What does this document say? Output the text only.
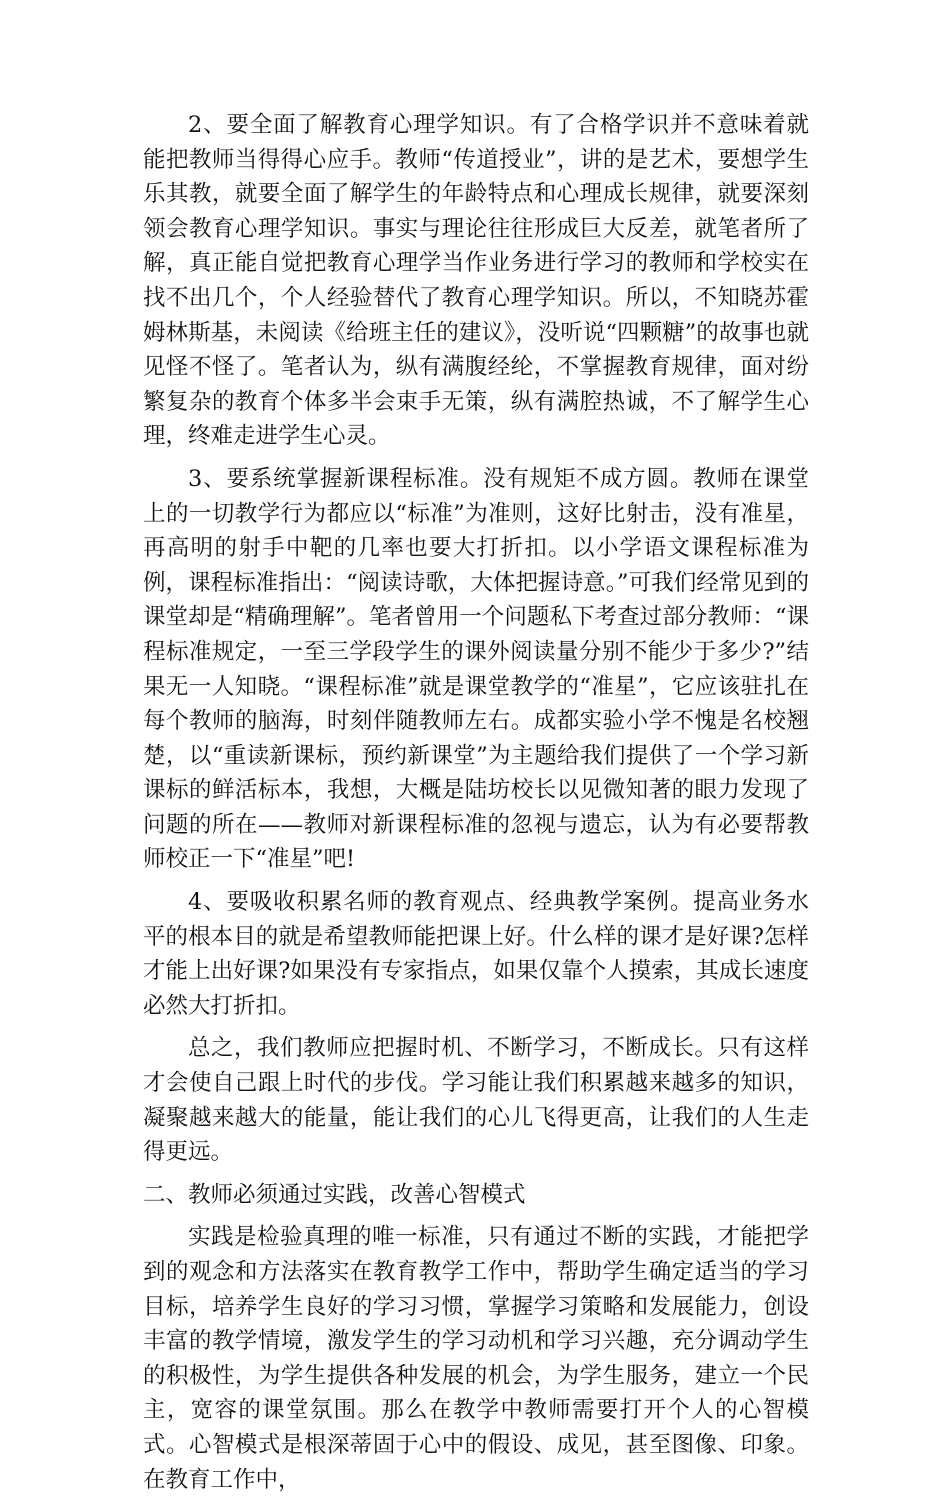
2、要全面了解教育心理学知识。有了合格学识并不意味着就能把教师当得得心应手。教师“传道授业”，讲的是艺术，要想学生乐其教，就要全面了解学生的年龄特点和心理成长规律，就要深刻领会教育心理学知识。事实与理论往往形成巨大反差，就笔者所了解，真正能自觉把教育心理学当作业务进行学习的教师和学校实在找不出几个，个人经验替代了教育心理学知识。所以，不知晓苏霍姆林斯基，未阅读《给班主任的建议》，没听说“四颗糖”的故事也就见怪不怪了。笔者认为，纵有满腹经纶，不掌握教育规律，面对纷繁复杂的教育个体多半会束手无策，纵有满腔热诚，不了解学生心理，终难走进学生心灵。

3、要系统掌握新课程标准。没有规矩不成方圆。教师在课堂上的一切教学行为都应以“标准”为准则，这好比射击，没有准星，再高明的射手中靶的几率也要大打折扣。以小学语文课程标准为例，课程标准指出：“阅读诗歌，大体把握诗意。”可我们经常见到的课堂却是“精确理解”。笔者曾用一个问题私下考查过部分教师：“课程标准规定，一至三学段学生的课外阅读量分别不能少于多少?”结果无一人知晓。“课程标准”就是课堂教学的“准星”，它应该驻扎在每个教师的脑海，时刻伴随教师左右。成都实验小学不愧是名校翘楚，以“重读新课标，预约新课堂”为主题给我们提供了一个学习新课标的鲜活标本，我想，大概是陆坊校长以见微知著的眼力发现了问题的所在——教师对新课程标准的忽视与遗忘，认为有必要帮教师校正一下“准星”吧!

4、要吸收积累名师的教育观点、经典教学案例。提高业务水平的根本目的就是希望教师能把课上好。什么样的课才是好课?怎样才能上出好课?如果没有专家指点，如果仅靠个人摸索，其成长速度必然大打折扣。

总之，我们教师应把握时机、不断学习，不断成长。只有这样才会使自己跟上时代的步伐。学习能让我们积累越来越多的知识，凝聚越来越大的能量，能让我们的心儿飞得更高，让我们的人生走得更远。

二、教师必须通过实践，改善心智模式

实践是检验真理的唯一标准，只有通过不断的实践，才能把学到的观念和方法落实在教育教学工作中，帮助学生确定适当的学习目标，培养学生良好的学习习惯，掌握学习策略和发展能力，创设丰富的教学情境，激发学生的学习动机和学习兴趣，充分调动学生的积极性，为学生提供各种发展的机会，为学生服务，建立一个民主，宽容的课堂氛围。那么在教学中教师需要打开个人的心智模式。心智模式是根深蒂固于心中的假设、成见，甚至图像、印象。在教育工作中，
